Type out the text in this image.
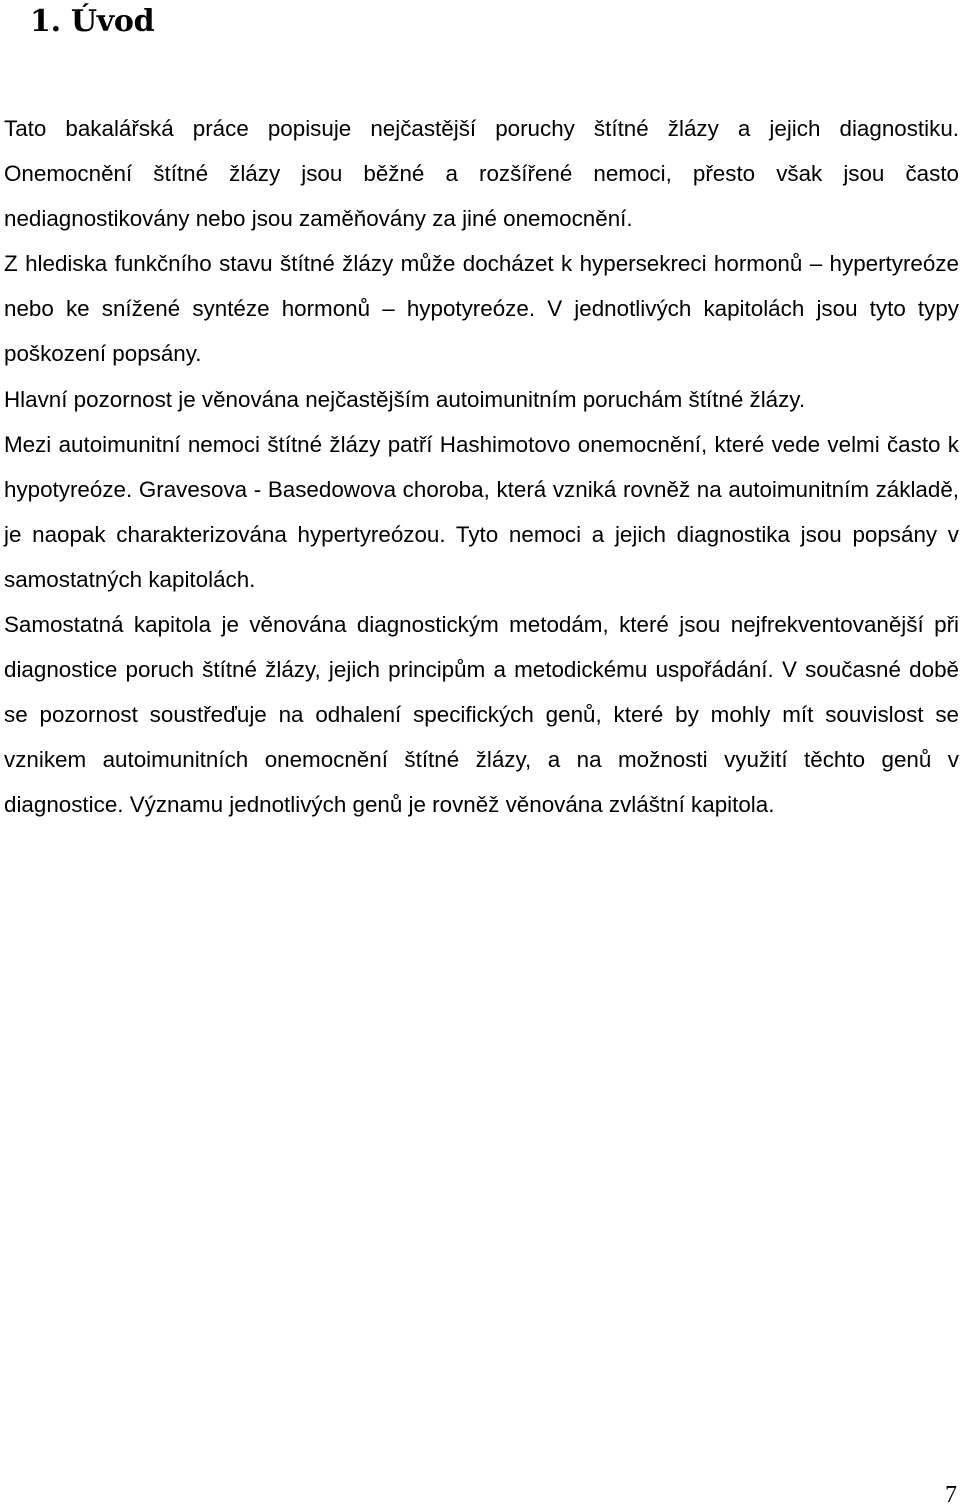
1. Úvod

Tato bakalářská práce popisuje nejčastější poruchy štítné žlázy a jejich diagnostiku. Onemocnění štítné žlázy jsou běžné a rozšířené nemoci, přesto však jsou často nediagnostikovány nebo jsou zaměňovány za jiné onemocnění.

Z hlediska funkčního stavu štítné žlázy může docházet k hypersekreci hormonů – hypertyreóze nebo ke snížené syntéze hormonů – hypotyreóze. V jednotlivých kapitolách jsou tyto typy poškození popsány.

Hlavní pozornost je věnována nejčastějším autoimunitním poruchám štítné žlázy.

Mezi autoimunitní nemoci štítné žlázy patří Hashimotovo onemocnění, které vede velmi často k hypotyreóze. Gravesova - Basedowova choroba, která vzniká rovněž na autoimunitním základě, je naopak charakterizována hypertyreózou. Tyto nemoci a jejich diagnostika jsou popsány v samostatných kapitolách.

Samostatná kapitola je věnována diagnostickým metodám, které jsou nejfrekventovanější při diagnostice poruch štítné žlázy, jejich principům a metodickému uspořádání. V současné době se pozornost soustřeďuje na odhalení specifických genů, které by mohly mít souvislost se vznikem autoimunitních onemocnění štítné žlázy, a na možnosti využití těchto genů v diagnostice. Významu jednotlivých genů je rovněž věnována zvláštní kapitola.

7
